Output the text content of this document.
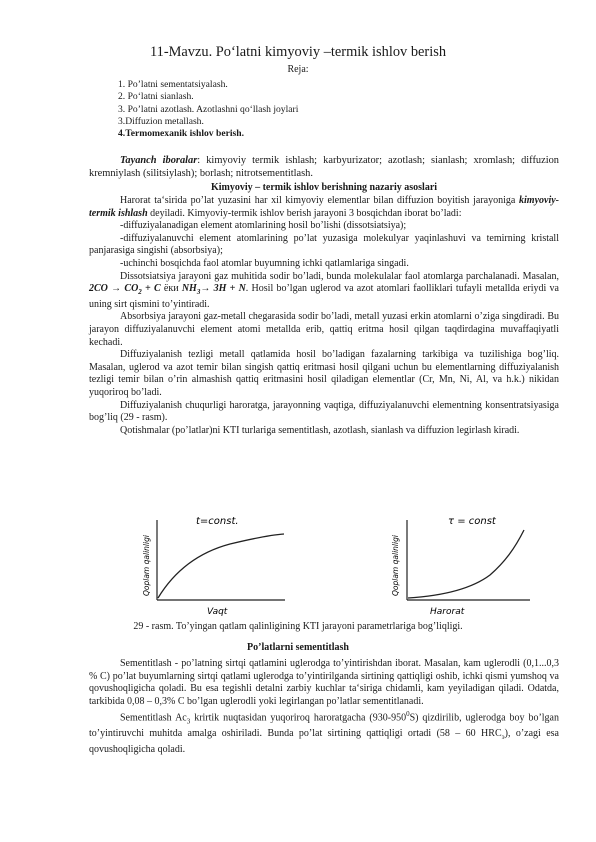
11-Mavzu. Po‘latni kimyoviy –termik ishlov berish
Reja:
1. Po’latni sementatsiyalash.
2. Po‘latni sianlash.
3. Po’latni azotlash. Azotlashni qo‘llash joylari
3.Diffuzion metallash.
4.Termomexanik ishlov berish.

Tayanch iboralar: kimyoviy termik ishlash; karbyurizator; azotlash; sianlash; xromlash; diffuzion kremniylash (silitsiylash); borlash; nitrotsementitlash.

Kimyoviy – termik ishlov berishning nazariy asoslari

Harorat ta‘sirida po’lat yuzasini har xil kimyoviy elementlar bilan diffuzion boyitish jarayoniga kimyoviy-termik ishlash deyiladi. Kimyoviy-termik ishlov berish jarayoni 3 bosqichdan iborat bo’ladi:

-diffuziyalanadigan element atomlarining hosil bo’lishi (dissotsiatsiya);

-diffuziyalanuvchi element atomlarining po’lat yuzasiga molekulyar yaqinlashuvi va temirning kristall panjarasiga singishi (absorbsiya);

-uchinchi bosqichda faol atomlar buyumning ichki qatlamlariga singadi.

Dissotsiatsiya jarayoni gaz muhitida sodir bo’ladi, bunda molekulalar faol atomlarga parchalanadi. Masalan, $2CO \to CO_2 + C$ ёки $NH_3\to 3H + N$. Hosil bo’lgan uglerod va azot atomlari faolliklari tufayli metallda eriydi va uning sirt qismini to’yintiradi.

Absorbsiya jarayoni gaz-metall chegarasida sodir bo’ladi, metall yuzasi erkin atomlarni o’ziga singdiradi. Bu jarayon diffuziyalanuvchi element atomi metallda erib, qattiq eritma hosil qilgan taqdirdagina muvaffaqiyatli kechadi.

Diffuziyalanish tezligi metall qatlamida hosil bo’ladigan fazalarning tarkibiga va tuzilishiga bog’liq. Masalan, uglerod va azot temir bilan singish qattiq eritmasi hosil qilgani uchun bu elementlarning diffuziyalanish tezligi temir bilan o’rin almashish qattiq eritmasini hosil qiladigan elementlar (Cr, Mn, Ni, Al, va h.k.) nikidan yuqoriroq bo’ladi.

Diffuziyalanish chuqurligi haroratga, jarayonning vaqtiga, diffuziyalanuvchi elementning konsentratsiyasiga bog’liq (29 - rasm).

Qotishmalar (po’latlar)ni KTI turlariga sementitlash, azotlash, sianlash va diffuzion legirlash kiradi.

t=const.
Qoplam qalinligi
Vaqt
τ = const
Qoplam qalinligi
Harorat
29 - rasm. To’yingan qatlam qalinligining KTI jarayoni parametrlariga bog’liqligi.
Po’latlarni sementitlash

Sementitlash - po’latning sirtqi qatlamini uglerodga to’yintirishdan iborat. Masalan, kam uglerodli (0,1...0,3 % C) po’lat buyumlarning sirtqi qatlami uglerodga to’yintirilganda sirtining qattiqligi oshib, ichki qismi yumshoq va qovushoqligicha qoladi. Bu esa tegishli detalni zarbiy kuchlar ta‘siriga chidamli, kam yeyiladigan qiladi. Odatda, tarkibida 0,08 – 0,3% C bo’lgan uglerodli yoki legirlangan po’latlar sementitlanadi.

Sementitlash $Ac_3$ krirtik nuqtasidan yuqoriroq haroratgacha $(930-950^0S)$ qizdirilib, uglerodga boy bo’lgan to’yintiruvchi muhitda amalga oshiriladi. Bunda po’lat sirtining qattiqligi ortadi (58 – 60 $HRC_э$), o’zagi esa qovushoqligicha qoladi.
